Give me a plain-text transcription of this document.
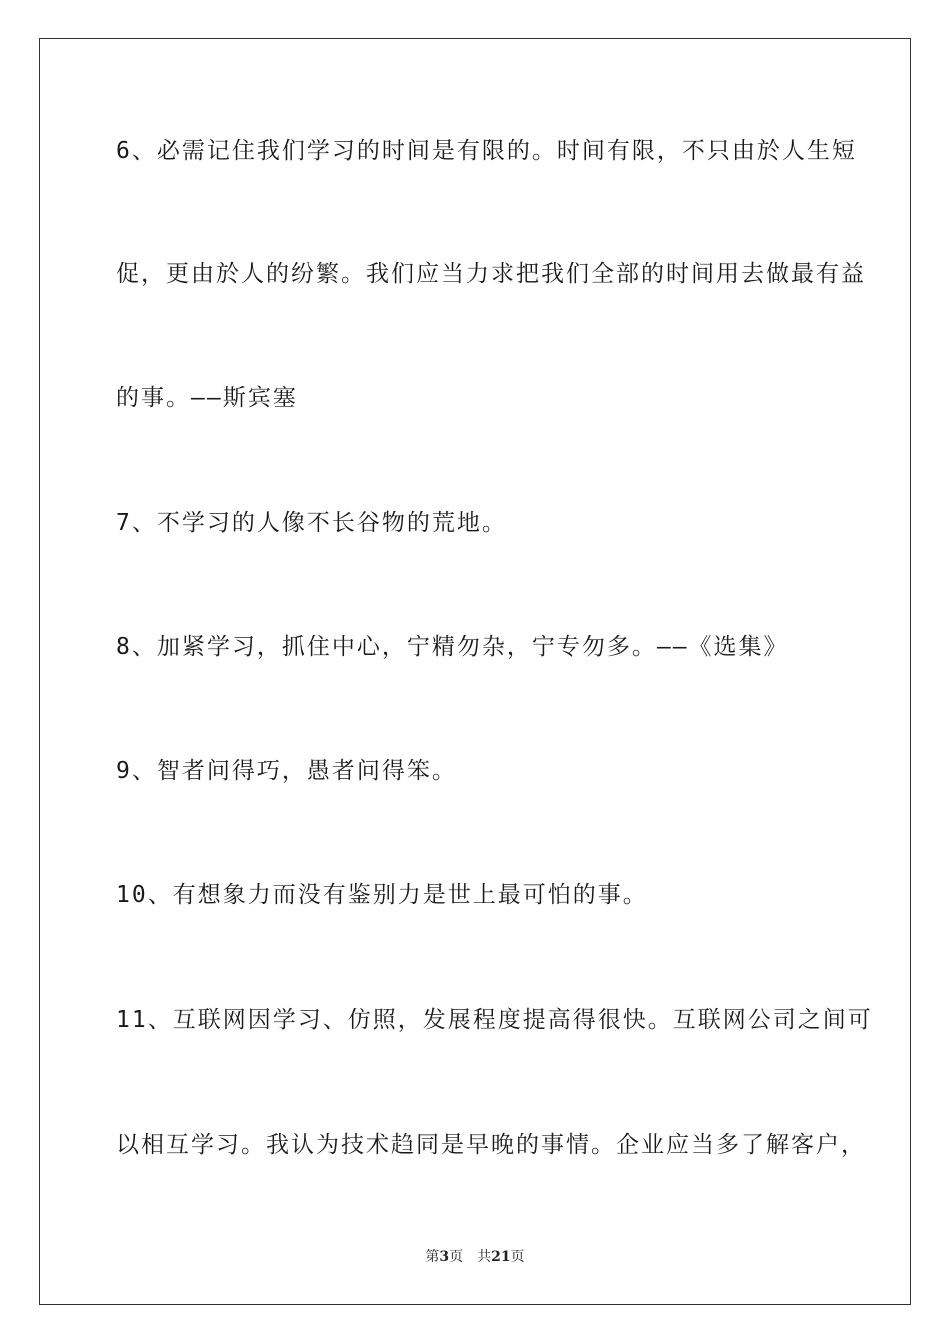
6、必需记住我们学习的时间是有限的。时间有限，不只由於人生短
促，更由於人的纷繁。我们应当力求把我们全部的时间用去做最有益
的事。——斯宾塞
7、不学习的人像不长谷物的荒地。
8、加紧学习，抓住中心，宁精勿杂，宁专勿多。——《选集》
9、智者问得巧，愚者问得笨。
10、有想象力而没有鉴别力是世上最可怕的事。
11、互联网因学习、仿照，发展程度提高得很快。互联网公司之间可
以相互学习。我认为技术趋同是早晚的事情。企业应当多了解客户，
第3页 共21页
